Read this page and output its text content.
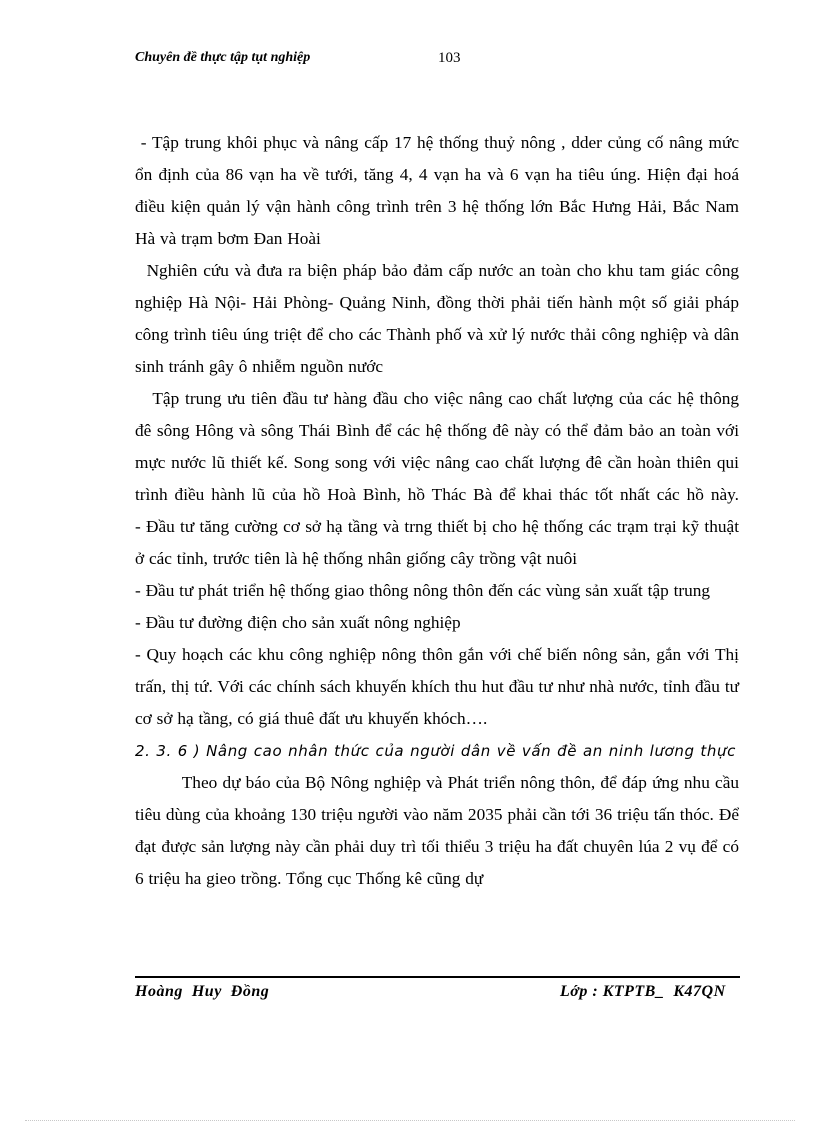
Chuyên đề thực tập tụt nghiệp	103

- Tập trung khôi phục và nâng cấp 17 hệ thống thuỷ nông , dder củng cố nâng mức ổn định của 86 vạn ha về tưới, tăng 4, 4 vạn ha và 6 vạn ha tiêu úng. Hiện đại hoá điều kiện quản lý vận hành công trình trên 3 hệ thống lớn Bắc Hưng Hải, Bắc Nam Hà và trạm bơm Đan Hoài

Nghiên cứu và đưa ra biện pháp bảo đảm cấp nước an toàn cho khu tam giác công nghiệp Hà Nội- Hải Phòng- Quảng Ninh, đồng thời phải tiến hành một số giải pháp công trình tiêu úng triệt để cho các Thành phố và xử lý nước thải công nghiệp và dân sinh tránh gây ô nhiễm nguồn nước

Tập trung ưu tiên đầu tư hàng đầu cho việc nâng cao chất lượng của các hệ thông đê sông Hông và sông Thái Bình để các hệ thống đê này có thể đảm bảo an toàn với mực nước lũ thiết kế. Song song với việc nâng cao chất lượng đê cần hoàn thiên qui trình điều hành lũ của hồ Hoà Bình, hồ Thác Bà để khai thác tốt nhất các hồ này.

- Đầu tư tăng cường cơ sở hạ tầng và trng thiết bị cho hệ thống các trạm trại kỹ thuật ở các tỉnh, trước tiên là hệ thống nhân giống cây trồng vật nuôi

- Đầu tư phát triển hệ thống giao thông nông thôn đến các vùng sản xuất tập trung

- Đầu tư đường điện cho sản xuất nông nghiệp

- Quy hoạch các khu công nghiệp nông thôn gắn với chế biến nông sản, gắn với Thị trấn, thị tứ. Với các chính sách khuyến khích thu hut đầu tư như nhà nước, tỉnh đầu tư cơ sở hạ tầng, có giá thuê đất ưu khuyến khóch….

2. 3. 6 ) Nâng cao nhân thức của người dân về vấn đề an ninh lương thực

Theo dự báo của Bộ Nông nghiệp và Phát triển nông thôn, để đáp ứng nhu cầu tiêu dùng của khoảng 130 triệu người vào năm 2035 phải cần tới 36 triệu tấn thóc. Để đạt được sản lượng này cần phải duy trì tối thiểu 3 triệu ha đất chuyên lúa 2 vụ để có 6 triệu ha gieo trồng. Tổng cục Thống kê cũng dự

Hoàng  Huy  Đồng	Lớp : KTPTB_  K47QN
